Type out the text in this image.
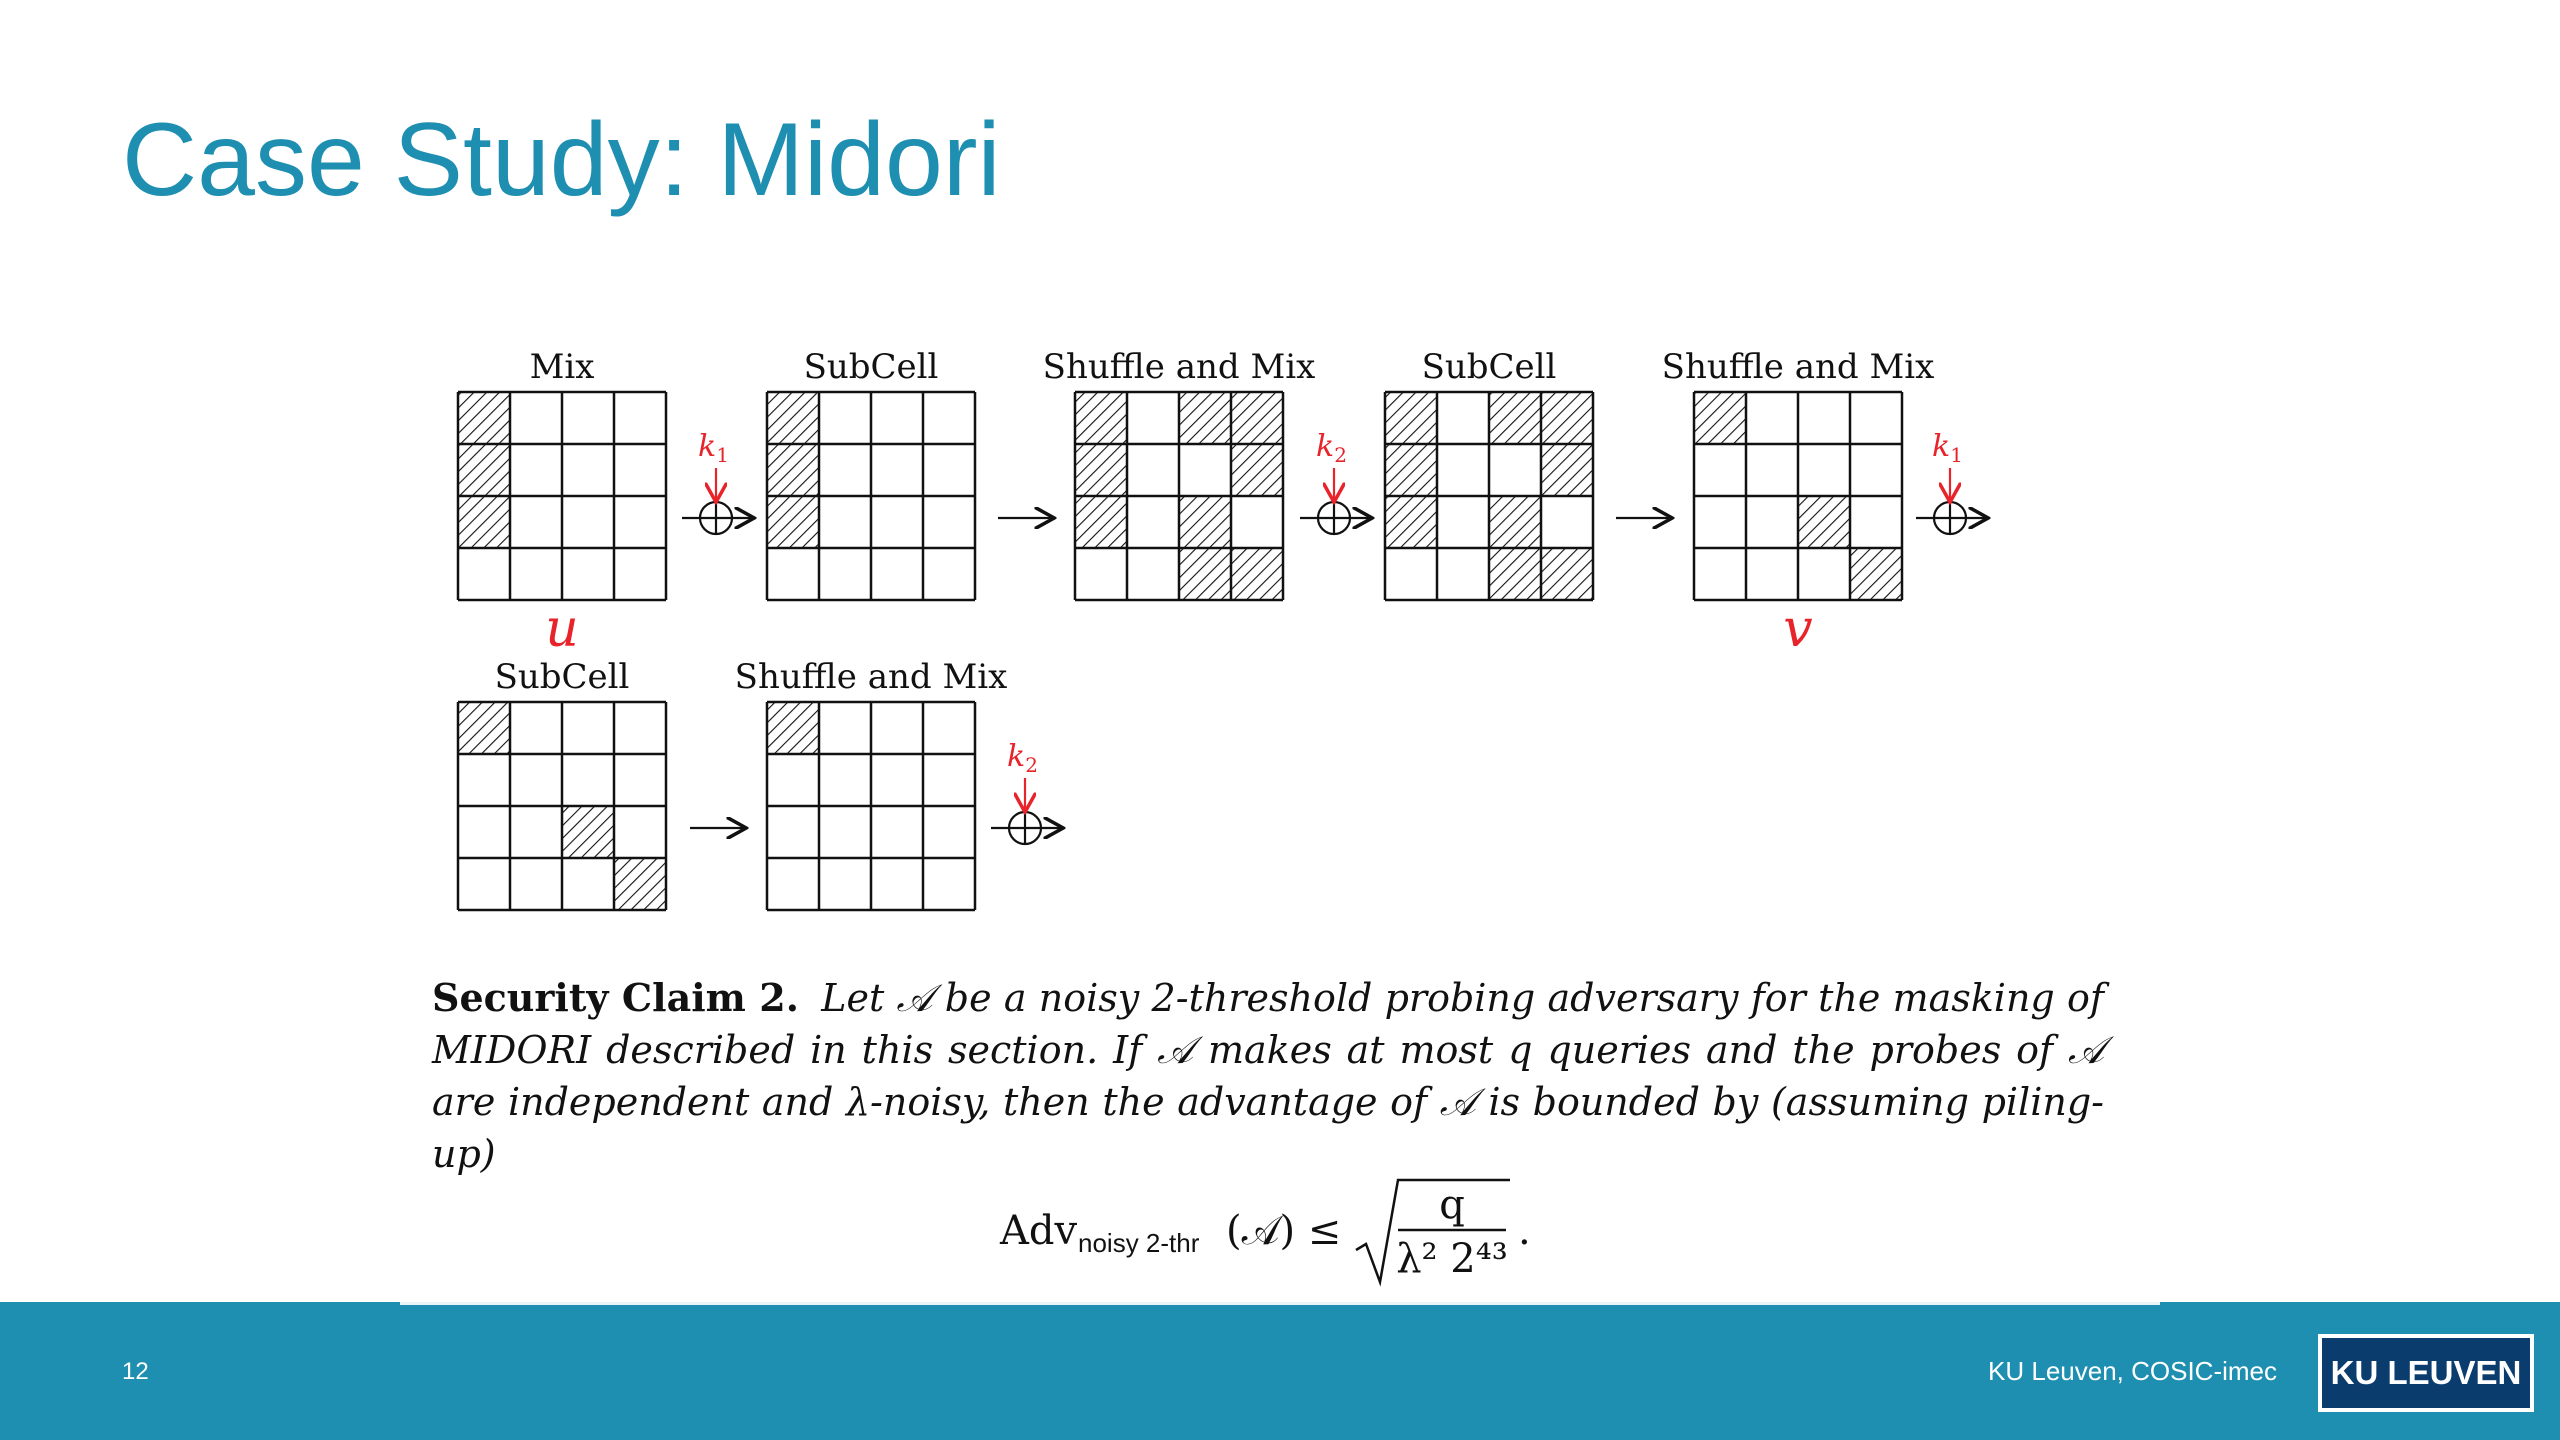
Case Study: Midori
Mix	SubCell	Shuffle and Mix	SubCell	Shuffle and Mix
$k_1$	$k_2$	$k_1$
u	v
SubCell	Shuffle and Mix
$k_2$
Security Claim 2. Let 𝒜 be a noisy 2-threshold probing adversary for the masking of MIDORI described in this section. If 𝒜 makes at most q queries and the probes of 𝒜 are independent and λ-noisy, then the advantage of 𝒜 is bounded by (assuming piling-up)
Adv noisy 2-thr (𝒜) ≤
q
λ² 2⁴³
.
12	KU Leuven, COSIC-imec	KU LEUVEN
